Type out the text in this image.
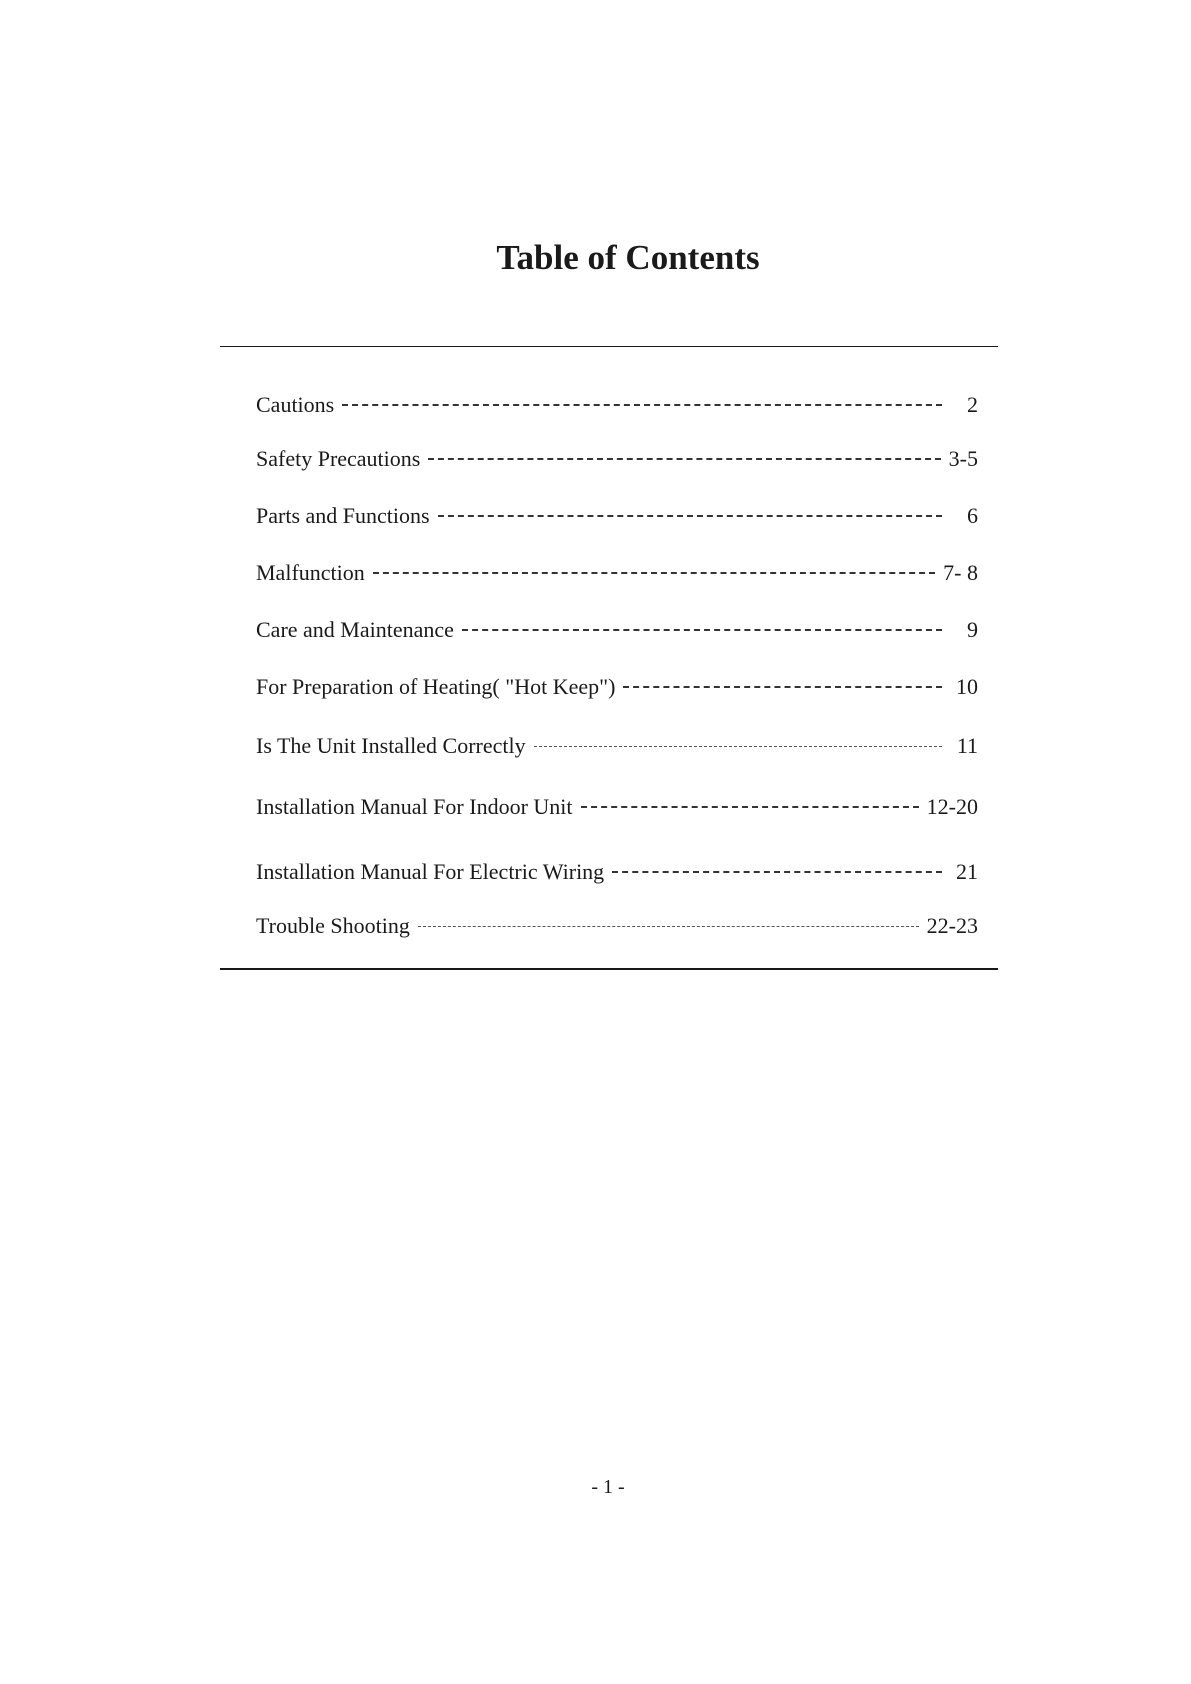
Table of Contents
Cautions	2
Safety Precautions	3-5
Parts and Functions	6
Malfunction	7- 8
Care and Maintenance	9
For Preparation of Heating( "Hot Keep")	10
Is The Unit Installed Correctly	11
Installation Manual For Indoor Unit	12-20
Installation Manual For Electric Wiring	21
Trouble Shooting	22-23
- 1 -
